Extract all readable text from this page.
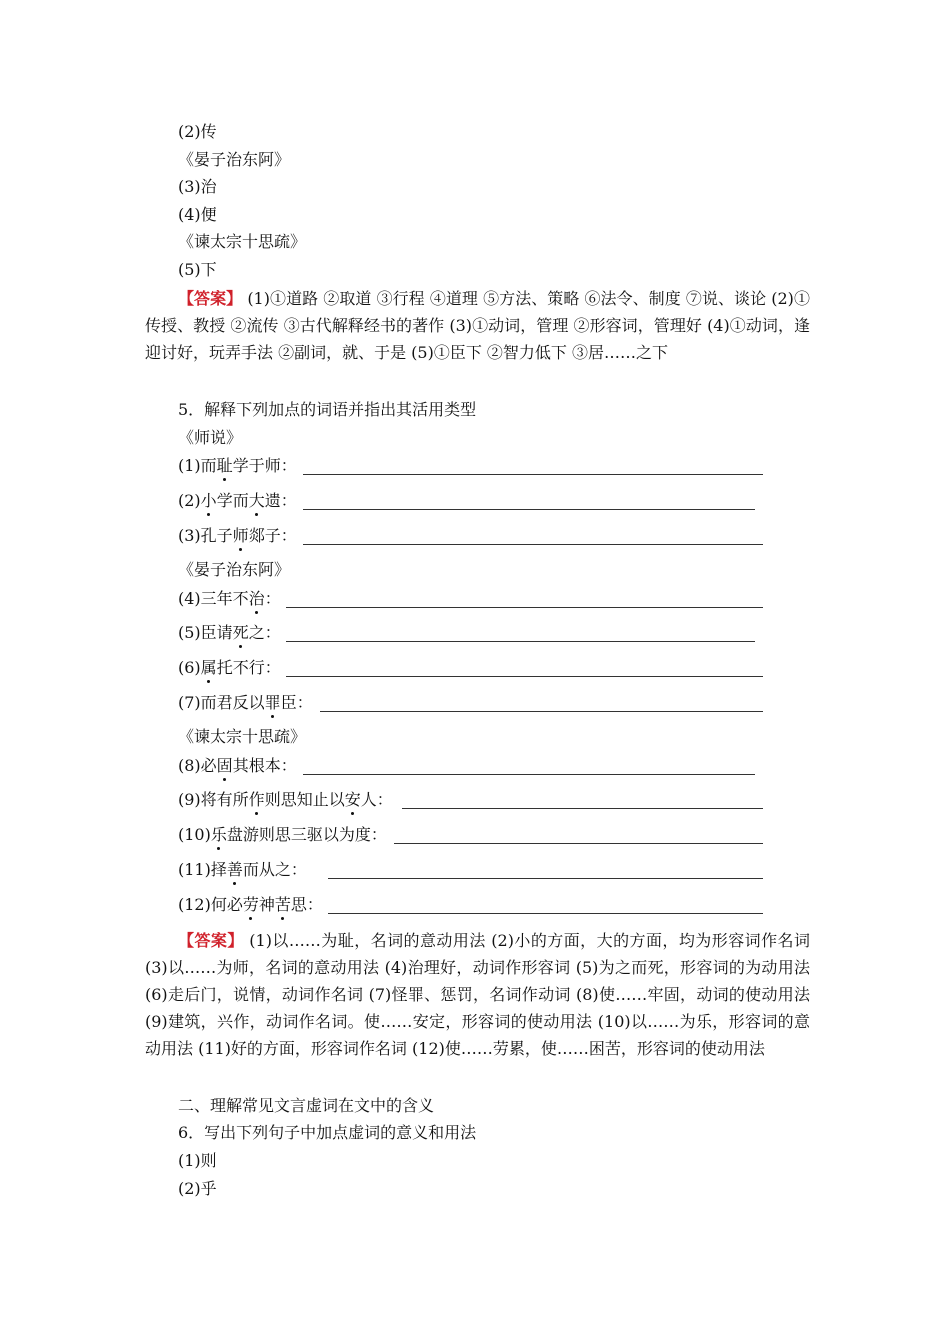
(2)传
《晏子治东阿》
(3)治
(4)便
《谏太宗十思疏》
(5)下
【答案】 (1)①道路 ②取道 ③行程 ④道理 ⑤方法、策略 ⑥法令、制度 ⑦说、谈论 (2)①传授、教授 ②流传 ③古代解释经书的著作 (3)①动词，管理 ②形容词，管理好 (4)①动词，逢迎讨好，玩弄手法 ②副词，就、于是 (5)①臣下 ②智力低下 ③居……之下
5．解释下列加点的词语并指出其活用类型
《师说》
(1)而耻学于师：
(2)小学而大遗：
(3)孔子师郯子：
《晏子治东阿》
(4)三年不治：
(5)臣请死之：
(6)属托不行：
(7)而君反以罪臣：
《谏太宗十思疏》
(8)必固其根本：
(9)将有所作则思知止以安人：
(10)乐盘游则思三驱以为度：
(11)择善而从之：
(12)何必劳神苦思：
【答案】 (1)以……为耻，名词的意动用法 (2)小的方面，大的方面，均为形容词作名词 (3)以……为师，名词的意动用法 (4)治理好，动词作形容词 (5)为之而死，形容词的为动用法 (6)走后门，说情，动词作名词 (7)怪罪、惩罚，名词作动词 (8)使……牢固，动词的使动用法 (9)建筑，兴作，动词作名词。使……安定，形容词的使动用法 (10)以……为乐，形容词的意动用法 (11)好的方面，形容词作名词 (12)使……劳累，使……困苦，形容词的使动用法
二、理解常见文言虚词在文中的含义
6．写出下列句子中加点虚词的意义和用法
(1)则
(2)乎
